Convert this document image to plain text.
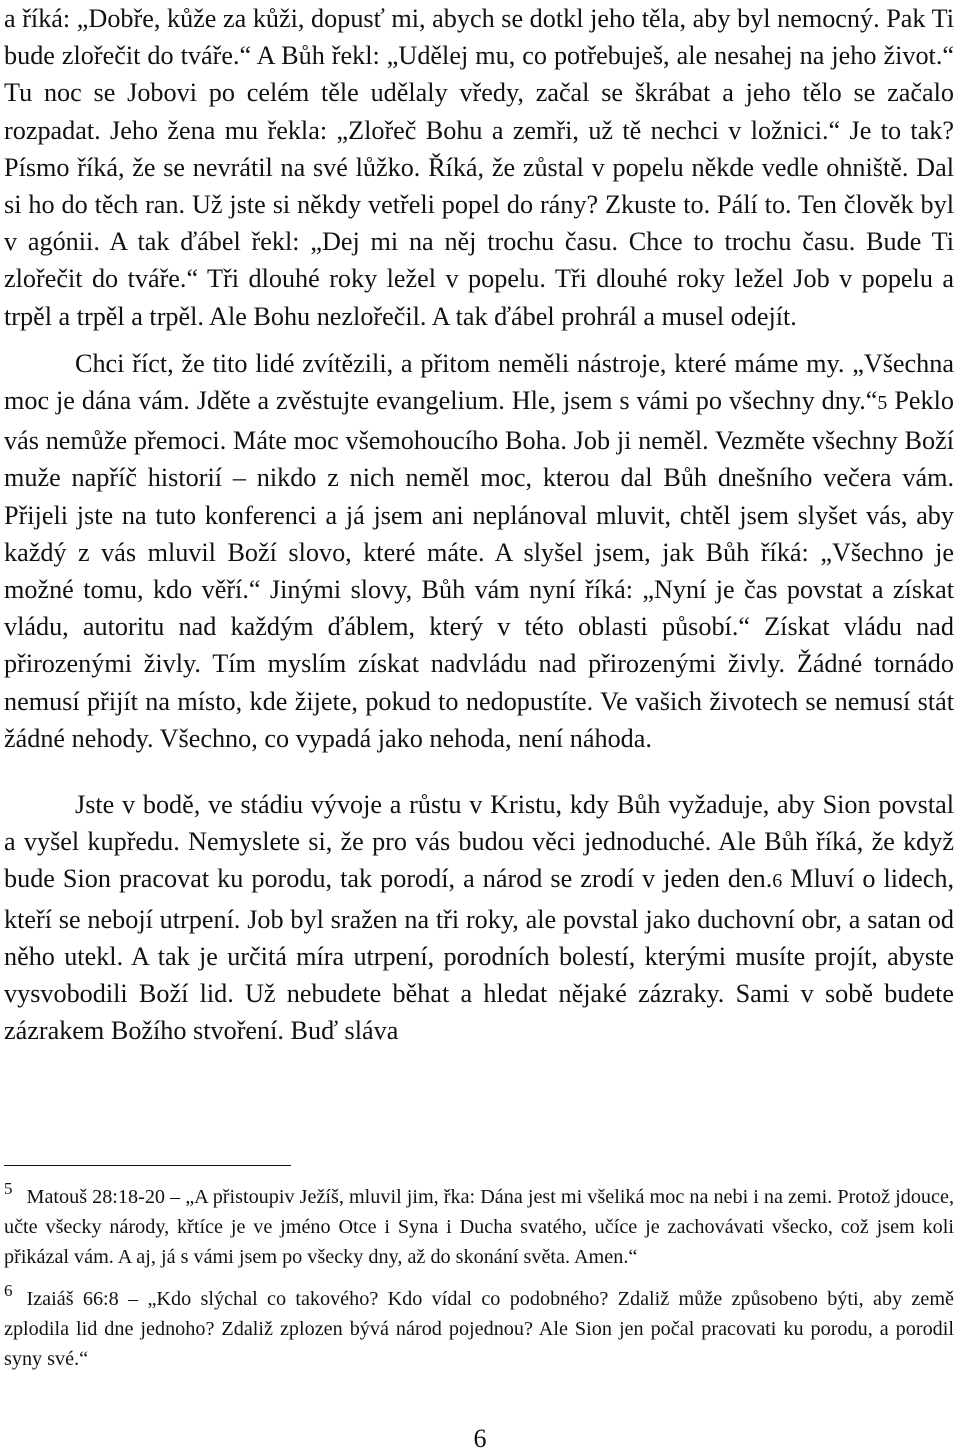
a říká: „Dobře, kůže za kůži, dopusť mi, abych se dotkl jeho těla, aby byl nemocný. Pak Ti bude zlořečit do tváře.“ A Bůh řekl: „Udělej mu, co potřebuješ, ale nesahej na jeho život.“ Tu noc se Jobovi po celém těle udělaly vředy, začal se škrábat a jeho tělo se začalo rozpadat. Jeho žena mu řekla: „Zlořeč Bohu a zemři, už tě nechci v ložnici.“ Je to tak? Písmo říká, že se nevrátil na své lůžko. Říká, že zůstal v popelu někde vedle ohniště. Dal si ho do těch ran. Už jste si někdy vetřeli popel do rány? Zkuste to. Pálí to. Ten člověk byl v agónii. A tak ďábel řekl: „Dej mi na něj trochu času. Chce to trochu času. Bude Ti zlořečit do tváře.“ Tři dlouhé roky ležel v popelu. Tři dlouhé roky ležel Job v popelu a trpěl a trpěl a trpěl. Ale Bohu nezlořečil. A tak ďábel prohrál a musel odejít.

Chci říct, že tito lidé zvítězili, a přitom neměli nástroje, které máme my. „Všechna moc je dána vám. Jděte a zvěstujte evangelium. Hle, jsem s vámi po všechny dny.“5 Peklo vás nemůže přemoci. Máte moc všemohoucího Boha. Job ji neměl. Vezměte všechny Boží muže napříč historií – nikdo z nich neměl moc, kterou dal Bůh dnešního večera vám. Přijeli jste na tuto konferenci a já jsem ani neplánoval mluvit, chtěl jsem slyšet vás, aby každý z vás mluvil Boží slovo, které máte. A slyšel jsem, jak Bůh říká: „Všechno je možné tomu, kdo věří.“ Jinými slovy, Bůh vám nyní říká: „Nyní je čas povstat a získat vládu, autoritu nad každým ďáblem, který v této oblasti působí.“ Získat vládu nad přirozenými živly. Tím myslím získat nadvládu nad přirozenými živly. Žádné tornádo nemusí přijít na místo, kde žijete, pokud to nedopustíte. Ve vašich životech se nemusí stát žádné nehody. Všechno, co vypadá jako nehoda, není náhoda.

Jste v bodě, ve stádiu vývoje a růstu v Kristu, kdy Bůh vyžaduje, aby Sion povstal a vyšel kupředu. Nemyslete si, že pro vás budou věci jednoduché. Ale Bůh říká, že když bude Sion pracovat ku porodu, tak porodí, a národ se zrodí v jeden den.6 Mluví o lidech, kteří se nebojí utrpení. Job byl sražen na tři roky, ale povstal jako duchovní obr, a satan od něho utekl. A tak je určitá míra utrpení, porodních bolestí, kterými musíte projít, abyste vysvobodili Boží lid. Už nebudete běhat a hledat nějaké zázraky. Sami v sobě budete zázrakem Božího stvoření. Buď sláva

$^5$ Matouš 28:18-20 – „A přistoupiv Ježíš, mluvil jim, řka: Dána jest mi všeliká moc na nebi i na zemi. Protož jdouce, učte všecky národy, křtíce je ve jméno Otce i Syna i Ducha svatého, učíce je zachovávati všecko, což jsem koli přikázal vám. A aj, já s vámi jsem po všecky dny, až do skonání světa. Amen.“

$^6$ Izaiáš 66:8 – „Kdo slýchal co takového? Kdo vídal co podobného? Zdaliž může způsobeno býti, aby země zplodila lid dne jednoho? Zdaliž zplozen bývá národ pojednou? Ale Sion jen počal pracovati ku porodu, a porodil syny své.“

6
